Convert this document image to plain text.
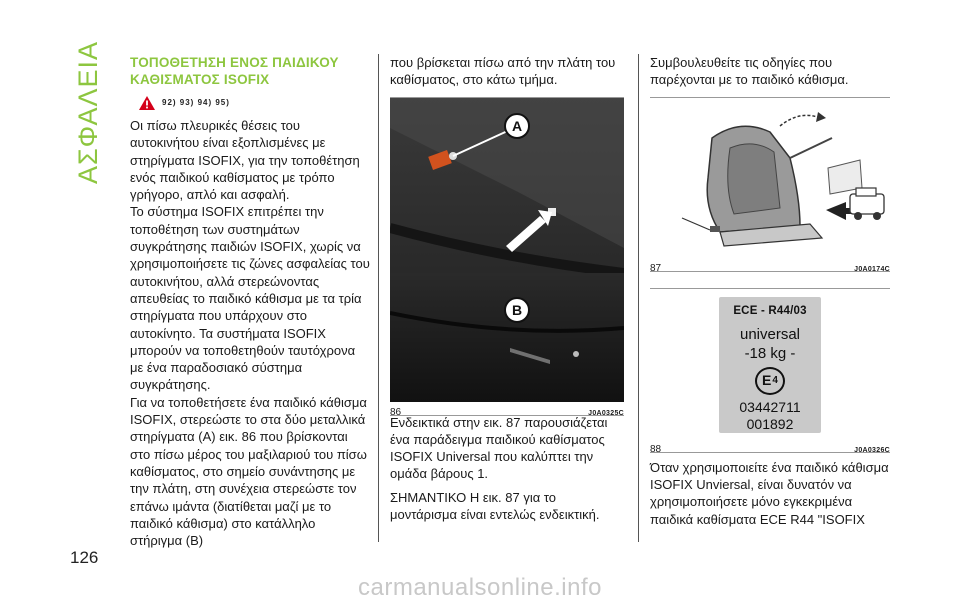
ΑΣΦΑΛΕΙΑ ΤΟΠΟΘΕΤΗΣΗ ΕΝΟΣ ΠΑΙΔΙΚΟΥ ΚΑΘΙΣΜΑΤΟΣ ISOFIX
92) 93) 94) 95)

Οι πίσω πλευρικές θέσεις του αυτοκινήτου είναι εξοπλισμένες με στηρίγματα ISOFIX, για την τοποθέτηση ενός παιδικού καθίσματος με τρόπο γρήγορο, απλό και ασφαλή.

Το σύστημα ISOFIX επιτρέπει την τοποθέτηση των συστημάτων συγκράτησης παιδιών ISOFIX, χωρίς να χρησιμοποιήσετε τις ζώνες ασφαλείας του αυτοκινήτου, αλλά στερεώνοντας απευθείας το παιδικό κάθισμα με τα τρία στηρίγματα που υπάρχουν στο αυτοκίνητο. Τα συστήματα ISOFIX μπορούν να τοποθετηθούν ταυτόχρονα με ένα παραδοσιακό σύστημα συγκράτησης.

Για να τοποθετήσετε ένα παιδικό κάθισμα ISOFIX, στερεώστε το στα δύο μεταλλικά στηρίγματα (A) εικ. 86 που βρίσκονται στο πίσω μέρος του μαξιλαριού του πίσω καθίσματος, στο σημείο συνάντησης με την πλάτη, στη συνέχεια στερεώστε τον επάνω ιμάντα (διατίθεται μαζί με το παιδικό κάθισμα) στο κατάλληλο στήριγμα (B)

που βρίσκεται πίσω από την πλάτη του καθίσματος, στο κάτω τμήμα.

A
B
86	J0A0325C

Ενδεικτικά στην εικ. 87 παρουσιάζεται ένα παράδειγμα παιδικού καθίσματος ISOFIX Universal που καλύπτει την ομάδα βάρους 1.

ΣΗΜΑΝΤΙΚΟ Η εικ. 87 για το μοντάρισμα είναι εντελώς ενδεικτική.

Συμβουλευθείτε τις οδηγίες που παρέχονται με το παιδικό κάθισμα.

87	J0A0174C
ECE - R44/03
universal
-18 kg -
E 4
03442711
001892
88	J0A0326C

Όταν χρησιμοποιείτε ένα παιδικό κάθισμα ISOFIX Unviersal, είναι δυνατόν να χρησιμοποιήσετε μόνο εγκεκριμένα παιδικά καθίσματα ECE R44 "ISOFIX

126
carmanualsonline.info
